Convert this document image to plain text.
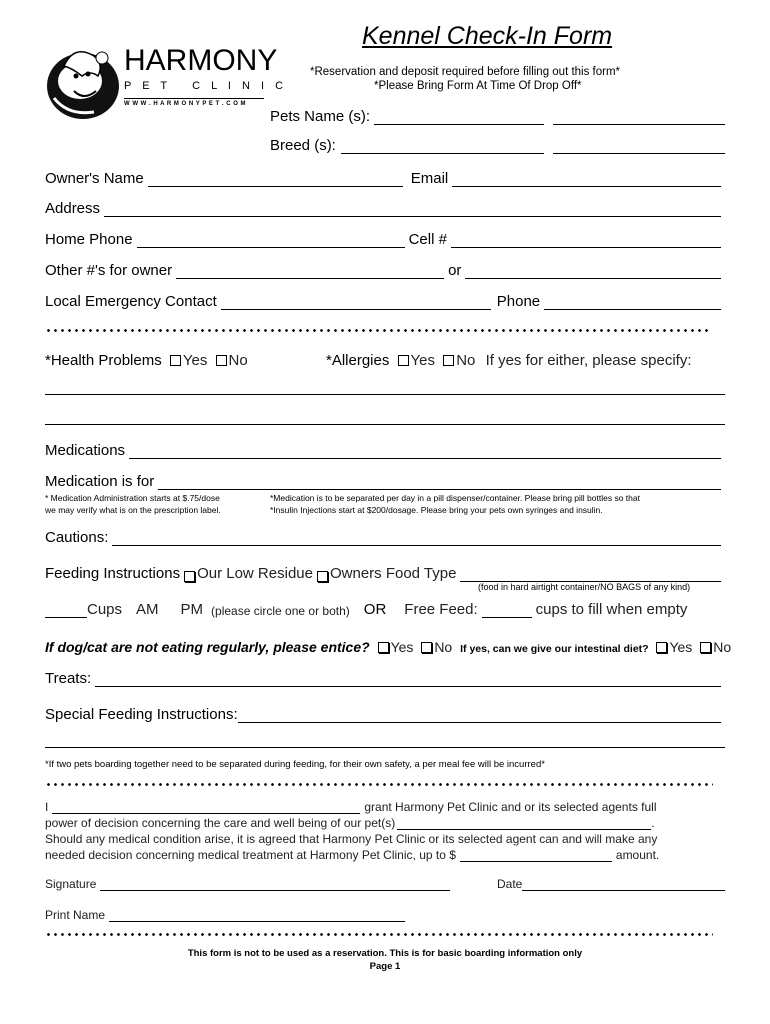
HARMONY
P E T   C L I N I C
W W W . H A R M O N Y P E T . C O M
Kennel Check-In Form
*Reservation and deposit required before filling out this form*
*Please Bring Form At Time Of Drop Off*
Pets Name (s):
Breed (s):
Owner's Name	Email
Address
Home Phone	Cell #
Other #'s for owner	or
Local Emergency Contact	Phone
*Health Problems Yes No	*Allergies Yes No If yes for either, please specify:
Medications
Medication is for
* Medication Administration starts at $.75/dose
we may verify what is on the prescription label.
*Medication is to be separated per day in a pill dispenser/container. Please bring pill bottles so that
*Insulin Injections start at $200/dosage. Please bring your pets own syringes and insulin.
Cautions :
Feeding Instructions Our Low Residue Owners Food Type
(food in hard airtight container/NO BAGS of any kind)
Cups AM PM (please circle one or both) OR Free Feed:	cups to fill when empty
If dog/cat are not eating regularly, please entice? Yes No If yes, can we give our intestinal diet? Yes No
Treats :
Special Feeding Instructions :
*If two pets boarding together need to be separated during feeding, for their own safety, a per meal fee will be incurred*
I	grant Harmony Pet Clinic and or its selected agents full
power of decision concerning the care and well being of our pet(s)	.
Should any medical condition arise, it is agreed that Harmony Pet Clinic or its selected agent can and will make any
needed decision concerning medical treatment at Harmony Pet Clinic, up to $	amount.
Signature	Date
Print Name
This form is not to be used as a reservation. This is for basic boarding information only
Page 1
